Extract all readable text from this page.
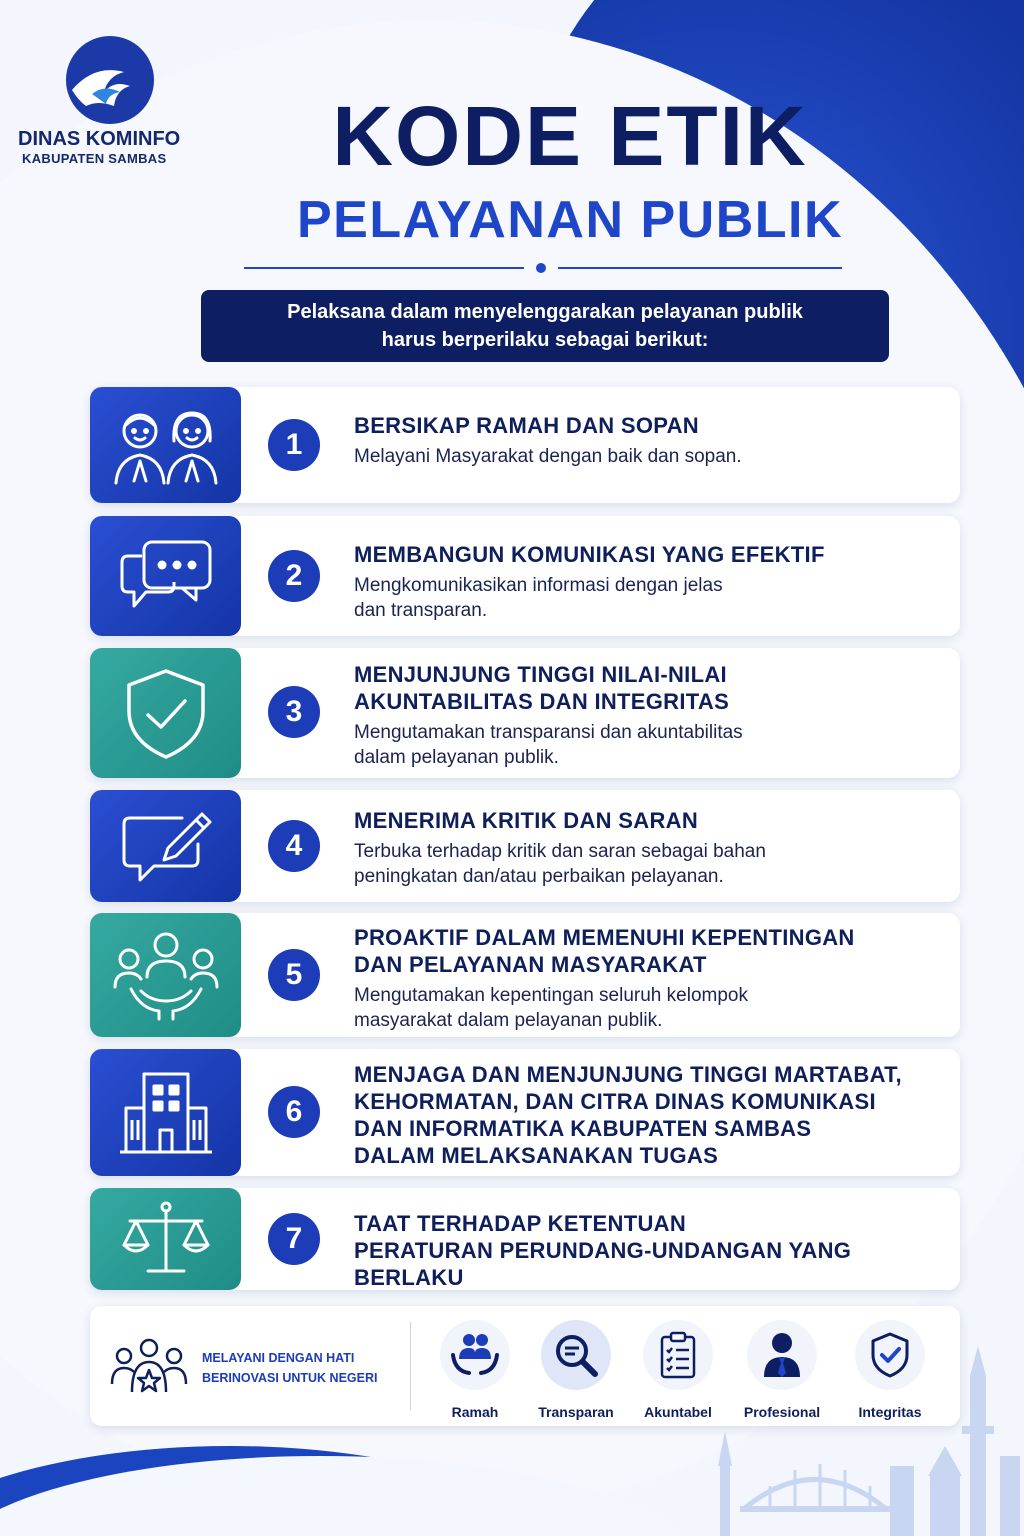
DINAS KOMINFO
KABUPATEN SAMBAS	KODE ETIK
PELAYANAN PUBLIK
Pelaksana dalam menyelenggarakan pelayanan publik
harus berperilaku sebagai berikut:
1
BERSIKAP RAMAH DAN SOPAN
Melayani Masyarakat dengan baik dan sopan.
2
MEMBANGUN KOMUNIKASI YANG EFEKTIF
Mengkomunikasikan informasi dengan jelas
dan transparan.
3
MENJUNJUNG TINGGI NILAI-NILAI
AKUNTABILITAS DAN INTEGRITAS
Mengutamakan transparansi dan akuntabilitas
dalam pelayanan publik.
4
MENERIMA KRITIK DAN SARAN
Terbuka terhadap kritik dan saran sebagai bahan
peningkatan dan/atau perbaikan pelayanan.
5
PROAKTIF DALAM MEMENUHI KEPENTINGAN
DAN PELAYANAN MASYARAKAT
Mengutamakan kepentingan seluruh kelompok
masyarakat dalam pelayanan publik.
6
MENJAGA DAN MENJUNJUNG TINGGI MARTABAT,
KEHORMATAN, DAN CITRA DINAS KOMUNIKASI
DAN INFORMATIKA KABUPATEN SAMBAS
DALAM MELAKSANAKAN TUGAS
7	TAAT TERHADAP KETENTUAN
PERATURAN PERUNDANG-UNDANGAN YANG BERLAKU
MELAYANI DENGAN HATI
BERINOVASI UNTUK NEGERI
Ramah	Transparan	Akuntabel	Profesional	Integritas
